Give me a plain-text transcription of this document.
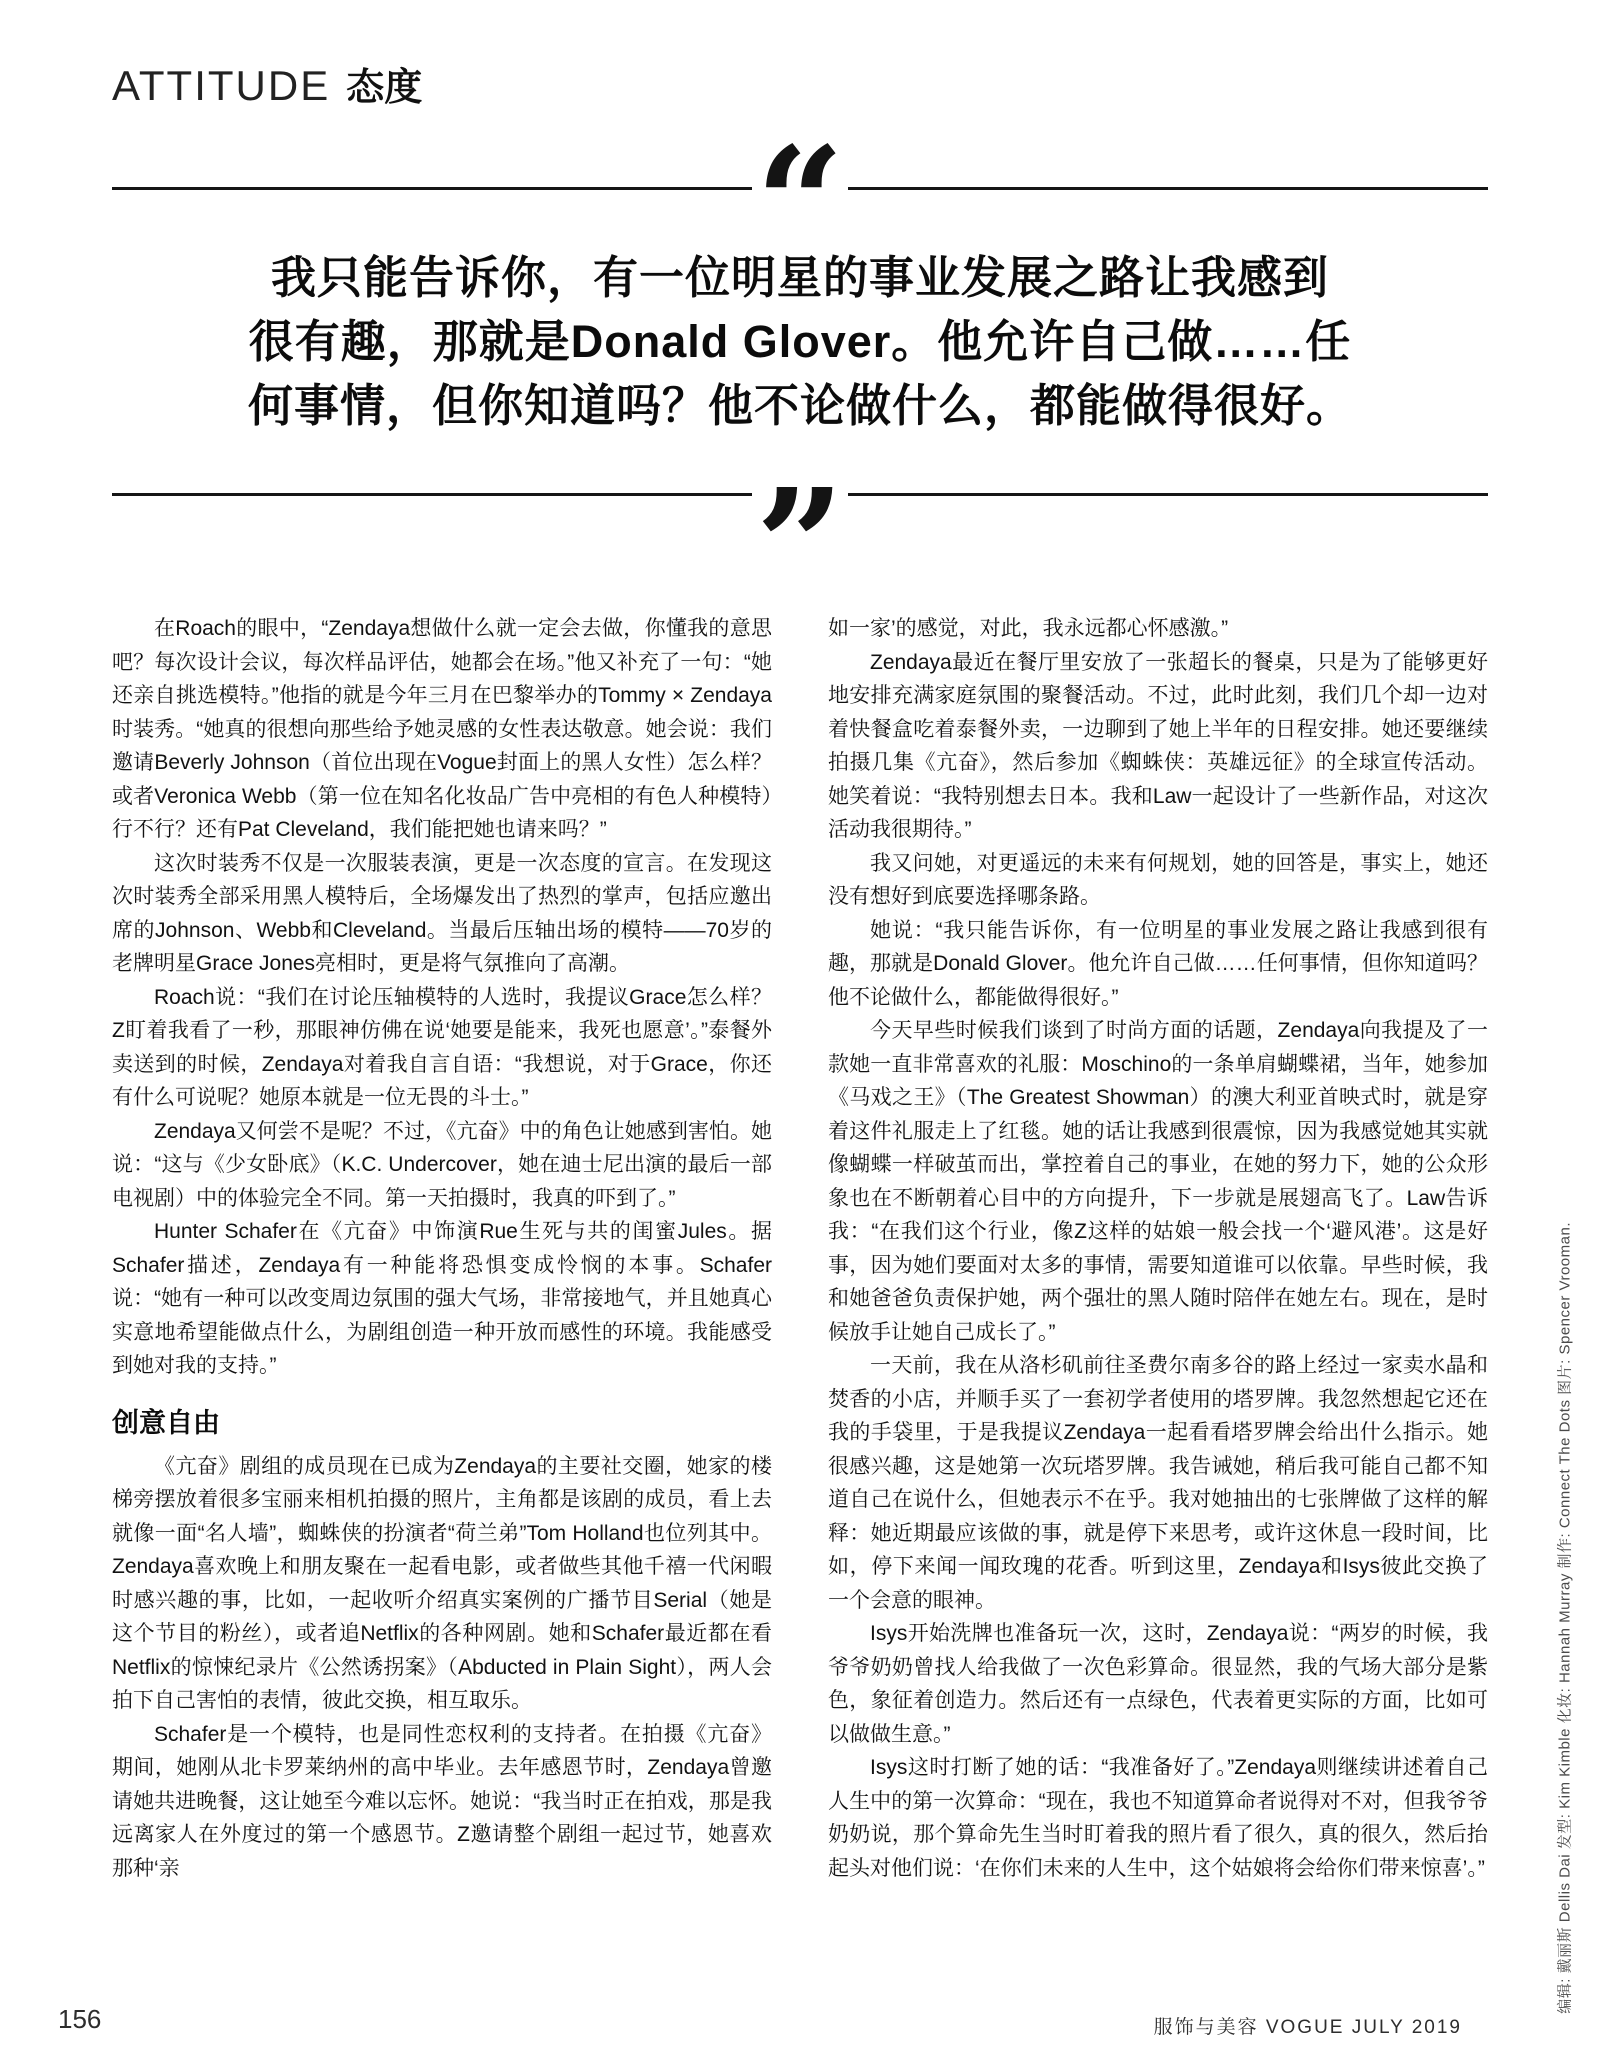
ATTITUDE 态度
“
我只能告诉你，有一位明星的事业发展之路让我感到
很有趣，那就是Donald Glover。他允许自己做……任
何事情，但你知道吗？他不论做什么，都能做得很好。
”

在Roach的眼中，“Zendaya想做什么就一定会去做，你懂我的意思吧？每次设计会议，每次样品评估，她都会在场。”他又补充了一句：“她还亲自挑选模特。”他指的就是今年三月在巴黎举办的Tommy × Zendaya时装秀。“她真的很想向那些给予她灵感的女性表达敬意。她会说：我们邀请Beverly Johnson（首位出现在Vogue封面上的黑人女性）怎么样？或者Veronica Webb（第一位在知名化妆品广告中亮相的有色人种模特）行不行？还有Pat Cleveland，我们能把她也请来吗？”

这次时装秀不仅是一次服装表演，更是一次态度的宣言。在发现这次时装秀全部采用黑人模特后，全场爆发出了热烈的掌声，包括应邀出席的Johnson、Webb和Cleveland。当最后压轴出场的模特——70岁的老牌明星Grace Jones亮相时，更是将气氛推向了高潮。

Roach说：“我们在讨论压轴模特的人选时，我提议Grace怎么样？Z盯着我看了一秒，那眼神仿佛在说‘她要是能来，我死也愿意’。”泰餐外卖送到的时候，Zendaya对着我自言自语：“我想说，对于Grace，你还有什么可说呢？她原本就是一位无畏的斗士。”

Zendaya又何尝不是呢？不过，《亢奋》中的角色让她感到害怕。她说：“这与《少女卧底》（K.C. Undercover，她在迪士尼出演的最后一部电视剧）中的体验完全不同。第一天拍摄时，我真的吓到了。”

Hunter Schafer在《亢奋》中饰演Rue生死与共的闺蜜Jules。据Schafer描述，Zendaya有一种能将恐惧变成怜悯的本事。Schafer说：“她有一种可以改变周边氛围的强大气场，非常接地气，并且她真心实意地希望能做点什么，为剧组创造一种开放而感性的环境。我能感受到她对我的支持。”

创意自由

《亢奋》剧组的成员现在已成为Zendaya的主要社交圈，她家的楼梯旁摆放着很多宝丽来相机拍摄的照片，主角都是该剧的成员，看上去就像一面“名人墙”，蜘蛛侠的扮演者“荷兰弟”Tom Holland也位列其中。Zendaya喜欢晚上和朋友聚在一起看电影，或者做些其他千禧一代闲暇时感兴趣的事，比如，一起收听介绍真实案例的广播节目Serial（她是这个节目的粉丝），或者追Netflix的各种网剧。她和Schafer最近都在看Netflix的惊悚纪录片《公然诱拐案》（Abducted in Plain Sight），两人会拍下自己害怕的表情，彼此交换，相互取乐。

Schafer是一个模特，也是同性恋权利的支持者。在拍摄《亢奋》期间，她刚从北卡罗莱纳州的高中毕业。去年感恩节时，Zendaya曾邀请她共进晚餐，这让她至今难以忘怀。她说：“我当时正在拍戏，那是我远离家人在外度过的第一个感恩节。Z邀请整个剧组一起过节，她喜欢那种‘亲

如一家’的感觉，对此，我永远都心怀感激。”

Zendaya最近在餐厅里安放了一张超长的餐桌，只是为了能够更好地安排充满家庭氛围的聚餐活动。不过，此时此刻，我们几个却一边对着快餐盒吃着泰餐外卖，一边聊到了她上半年的日程安排。她还要继续拍摄几集《亢奋》，然后参加《蜘蛛侠：英雄远征》的全球宣传活动。她笑着说：“我特别想去日本。我和Law一起设计了一些新作品，对这次活动我很期待。”

我又问她，对更遥远的未来有何规划，她的回答是，事实上，她还没有想好到底要选择哪条路。

她说：“我只能告诉你，有一位明星的事业发展之路让我感到很有趣，那就是Donald Glover。他允许自己做……任何事情，但你知道吗？他不论做什么，都能做得很好。”

今天早些时候我们谈到了时尚方面的话题，Zendaya向我提及了一款她一直非常喜欢的礼服：Moschino的一条单肩蝴蝶裙，当年，她参加《马戏之王》（The Greatest Showman）的澳大利亚首映式时，就是穿着这件礼服走上了红毯。她的话让我感到很震惊，因为我感觉她其实就像蝴蝶一样破茧而出，掌控着自己的事业，在她的努力下，她的公众形象也在不断朝着心目中的方向提升，下一步就是展翅高飞了。Law告诉我：“在我们这个行业，像Z这样的姑娘一般会找一个‘避风港’。这是好事，因为她们要面对太多的事情，需要知道谁可以依靠。早些时候，我和她爸爸负责保护她，两个强壮的黑人随时陪伴在她左右。现在，是时候放手让她自己成长了。”

一天前，我在从洛杉矶前往圣费尔南多谷的路上经过一家卖水晶和焚香的小店，并顺手买了一套初学者使用的塔罗牌。我忽然想起它还在我的手袋里，于是我提议Zendaya一起看看塔罗牌会给出什么指示。她很感兴趣，这是她第一次玩塔罗牌。我告诫她，稍后我可能自己都不知道自己在说什么，但她表示不在乎。我对她抽出的七张牌做了这样的解释：她近期最应该做的事，就是停下来思考，或许这休息一段时间，比如，停下来闻一闻玫瑰的花香。听到这里，Zendaya和Isys彼此交换了一个会意的眼神。

Isys开始洗牌也准备玩一次，这时，Zendaya说：“两岁的时候，我爷爷奶奶曾找人给我做了一次色彩算命。很显然，我的气场大部分是紫色，象征着创造力。然后还有一点绿色，代表着更实际的方面，比如可以做做生意。”

Isys这时打断了她的话：“我准备好了。”Zendaya则继续讲述着自己人生中的第一次算命：“现在，我也不知道算命者说得对不对，但我爷爷奶奶说，那个算命先生当时盯着我的照片看了很久，真的很久，然后抬起头对他们说：‘在你们未来的人生中，这个姑娘将会给你们带来惊喜’。”	编辑: 戴丽斯 Dellis Dai 发型: Kim Kimble 化妆: Hannah Murray 制作: Connect The Dots 图片: Spencer Vrooman.
156	服饰与美容 VOGUE JULY 2019
